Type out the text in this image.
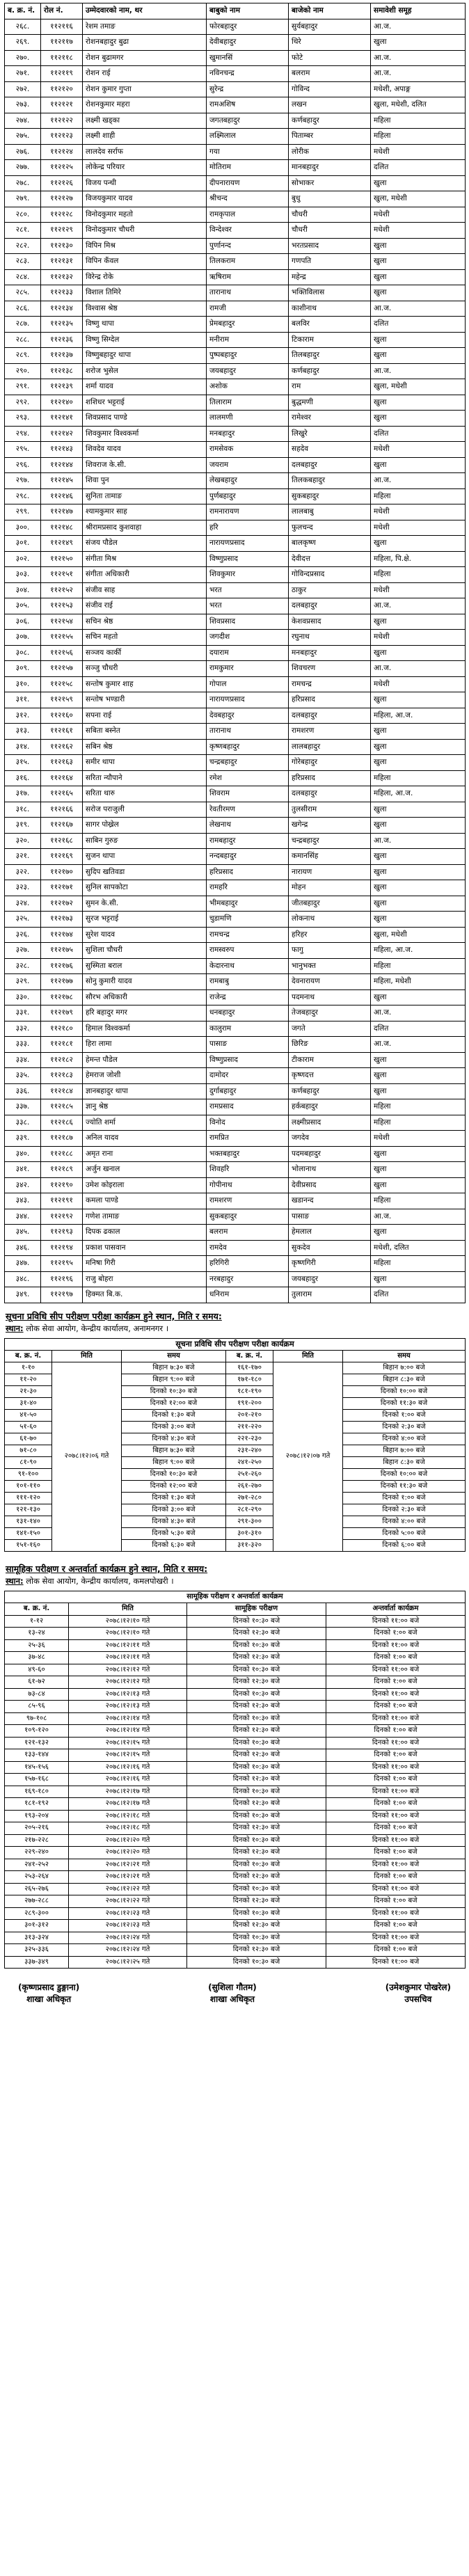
ब. क्र. नं.	रोल नं.	उम्मेदवारको नाम, थर	बाबुको नाम	बाजेको नाम	समावेशी समूह
२६८.	११२११६	रेशम तमाङ	फोरबहादुर	सुर्यबहादुर	आ.ज.
२६९.	११२११७	रोशनबहादुर बुढा	देवीबहादुर	थिरे	खुला
२७०.	११२११८	रोशन बुढामगर	खुमानसिं	फोटे	आ.ज.
२७१.	११२११९	रोशन राई	नविनचन्द्र	बलराम	आ.ज.
२७२.	११२१२०	रोशन कुमार गुप्ता	सुरेन्द्र	गोविन्द	मधेशी, अपाङ्ग
२७३.	११२१२१	रोशनकुमार महरा	रामअशिष	लखन	खुला, मधेशी, दलित
२७४.	११२१२२	लक्ष्मी खड्का	जगतबहादुर	कर्णबहादुर	महिला
२७५.	११२१२३	लक्ष्मी शाही	लक्ष्मिलाल	पिताम्बर	महिला
२७६.	११२१२४	लालदेव सर्राफ	गया	लोरीक	मधेशी
२७७.	११२१२५	लोकेन्द्र परियार	मोतिराम	मानबहादुर	दलित
२७८.	११२१२६	विजय पन्थी	दीपनारायण	सोभाकर	खुला
२७९.	११२१२७	विजयकुमार यादव	श्रीचन्द	बुधु	खुला, मधेशी
२८०.	११२१२८	विनोदकुमार महतो	रामकृपाल	चौधरी	मधेशी
२८१.	११२१२९	विनोदकुमार चौधरी	विन्देश्वर	चौधरी	मधेशी
२८२.	११२१३०	विपिन मिश्र	पुर्णानन्द	भरतप्रसाद	खुला
२८३.	११२१३१	विपिन कँवल	तिलकराम	गणपति	खुला
२८४.	११२१३२	विरेन्द्र रोके	ऋषिराम	महेन्द्र	खुला
२८५.	११२१३३	विशाल तिमिरे	तारानाथ	भक्तिविलास	खुला
२८६.	११२१३४	विश्वास श्रेष्ठ	रामजी	काशीनाथ	आ.ज.
२८७.	११२१३५	विष्णु थापा	प्रेमबहादुर	बलविर	दलित
२८८.	११२१३६	विष्णु सिग्देल	मनीराम	टिकाराम	खुला
२८९.	११२१३७	विष्णुबहादुर थापा	पुष्पबहादुर	तिलबहादुर	खुला
२९०.	११२१३८	शरोज भुसेल	जयबहादुर	कर्णबहादुर	आ.ज.
२९१.	११२१३९	शर्मा यादव	अशोक	राम	खुला, मधेशी
२९२.	११२१४०	शशिधर भट्टराई	तिलाराम	बुद्धमणी	खुला
२९३.	११२१४१	शिवप्रसाद पाण्डे	लालमणी	रामेश्वर	खुला
२९४.	११२१४२	शिवकुमार विश्वकर्मा	मनबहादुर	लिखुरे	दलित
२९५.	११२१४३	शिवदेव यादव	रामसेवक	सहदेव	मधेशी
२९६.	११२१४४	शिवराज के.सी.	जयराम	दलबहादुर	खुला
२९७.	११२१४५	शिवा पुन	लेखबहादुर	तिलकबहादुर	आ.ज.
२९८.	११२१४६	सुनिता तामाङ	पुर्णबहादुर	सुकबहादुर	महिला
२९९.	११२१४७	श्यामकुमार साह	रामनारायण	लालबाबु	मधेशी
३००.	११२१४८	श्रीरामप्रसाद कुशवाहा	हरि	फुलचन्द	मधेशी
३०१.	११२१४९	संजय पौडेल	नारायणप्रसाद	बालकृष्ण	खुला
३०२.	११२१५०	संगीता मिश्र	विष्णुप्रसाद	देवीदत्त	महिला, पि.क्षे.
३०३.	११२१५१	संगीता अधिकारी	शिवकुमार	गोविन्दप्रसाद	महिला
३०४.	११२१५२	संजीव साह	भरत	ठाकुर	मधेशी
३०५.	११२१५३	संजीव राई	भरत	दलबहादुर	आ.ज.
३०६.	११२१५४	सचिन श्रेष्ठ	शिवप्रसाद	केशवप्रसाद	खुला
३०७.	११२१५५	सचिन महतो	जगदीश	रघुनाथ	मधेशी
३०८.	११२१५६	सञ्जय कार्की	दयाराम	मनबहादुर	खुला
३०९.	११२१५७	सञ्जु चौधरी	रामकुमार	शिवचरण	आ.ज.
३१०.	११२१५८	सन्तोष कुमार शाह	गोपाल	रामचन्द्र	मधेशी
३११.	११२१५९	सन्तोष भण्डारी	नारायणप्रसाद	हरिप्रसाद	खुला
३१२.	११२१६०	सपना राई	देवबहादुर	दलबहादुर	महिला, आ.ज.
३१३.	११२१६१	सबिता बस्नेत	तारानाथ	रामशरण	खुला
३१४.	११२१६२	सबिन श्रेष्ठ	कृष्णबहादुर	लालबहादुर	खुला
३१५.	११२१६३	समीर थापा	चन्द्रबहादुर	गोरेबहादुर	खुला
३१६.	११२१६४	सरिता न्यौपाने	रमेश	हरिप्रसाद	महिला
३१७.	११२१६५	सरिता थारु	शिवराम	दलबहादुर	महिला, आ.ज.
३१८.	११२१६६	सरोज पराजुली	रेवतीरमण	तुलसीराम	खुला
३१९.	११२१६७	सागर पोख्रेल	लेखनाथ	खगेन्द्र	खुला
३२०.	११२१६८	साबिन गुरुङ	रामबहादुर	चन्द्रबहादुर	आ.ज.
३२१.	११२१६९	सुजन थापा	नन्दबहादुर	कमानसिंह	खुला
३२२.	११२१७०	सुदिप खतिवडा	हरिप्रसाद	नारायण	खुला
३२३.	११२१७१	सुनिल सापकोटा	रामहरि	मोहन	खुला
३२४.	११२१७२	सुमन के.सी.	भीमबहादुर	जीतबहादुर	खुला
३२५.	११२१७३	सुरज भट्टराई	चुडामणि	लोकनाथ	खुला
३२६.	११२१७४	सुरेश यादव	रामचन्द्र	हरिहर	खुला, मधेशी
३२७.	११२१७५	सुशिला चौधरी	रामस्वरुप	फागु	महिला, आ.ज.
३२८.	११२१७६	सुस्मिता बराल	केदारनाथ	भानुभक्त	महिला
३२९.	११२१७७	सोनु कुमारी यादव	रामबाबु	देवनारायण	महिला, मधेशी
३३०.	११२१७८	सौरभ अधिकारी	राजेन्द्र	पदमनाथ	खुला
३३१.	११२१७९	हरि बहादुर मगर	धनबहादुर	तेजबहादुर	आ.ज.
३३२.	११२१८०	हिमाल विश्वकर्मा	कालुराम	जगते	दलित
३३३.	११२१८१	हिरा लामा	पासाङ	छिरिङ	आ.ज.
३३४.	११२१८२	हेमन्त पौडेल	विष्णुप्रसाद	टीकाराम	खुला
३३५.	११२१८३	हेमराज जोशी	दामोदर	कृष्णदत्त	खुला
३३६.	११२१८४	ज्ञानबहादुर थापा	दुर्गाबहादुर	कर्णबहादुर	खुला
३३७.	११२१८५	ज्ञानु श्रेष्ठ	रामप्रसाद	हर्कबहादुर	महिला
३३८.	११२१८६	ज्योति शर्मा	विनोद	लक्ष्मीप्रसाद	महिला
३३९.	११२१८७	अनिल यादव	रामप्रित	जगदेव	मधेशी
३४०.	११२१८८	अमृत राना	भक्तबहादुर	पदमबहादुर	खुला
३४१.	११२१८९	अर्जुन खनाल	शिवहरि	भोलानाथ	खुला
३४२.	११२१९०	उमेश कोइराला	गोपीनाथ	देवीप्रसाद	खुला
३४३.	११२१९१	कमला पाण्डे	रामशरण	खडानन्द	महिला
३४४.	११२१९२	गणेश तामाङ	सुकबहादुर	पासाङ	आ.ज.
३४५.	११२१९३	दिपक ढकाल	बलराम	हेमलाल	खुला
३४६.	११२१९४	प्रकाश पासवान	रामदेव	सुकदेव	मधेशी, दलित
३४७.	११२१९५	मनिषा गिरी	हरिगिरी	कृष्णगिरी	महिला
३४८.	११२१९६	राजु बोहरा	नरबहादुर	जयबहादुर	खुला
३४९.	११२१९७	हिक्मत बि.क.	धनिराम	तुलाराम	दलित
सूचना प्रविधि सीप परीक्षण परीक्षा कार्यक्रम हुने स्थान, मिति र समय:
स्थान: लोक सेवा आयोग, केन्द्रीय कार्यालय, अनामनगर ।
सूचना प्रविधि सीप परीक्षण परीक्षा कार्यक्रम					
ब. क्र. नं.	मिति	समय	ब. क्र. नं.	मिति	समय
१-१०	२०७८।१२।०६ गते	बिहान ७:३० बजे	१६१-१७०	२०७८।१२।०७ गते	बिहान ७:०० बजे
११-२०		बिहान ९:०० बजे	१७१-१८०		बिहान ८:३० बजे
२१-३०		दिनको १०:३० बजे	१८१-१९०		दिनको १०:०० बजे
३१-४०		दिनको १२:०० बजे	१९१-२००		दिनको ११:३० बजे
४१-५०		दिनको १:३० बजे	२०१-२१०		दिनको १:०० बजे
५१-६०		दिनको ३:०० बजे	२११-२२०		दिनको २:३० बजे
६१-७०		दिनको ४:३० बजे	२२१-२३०		दिनको ४:०० बजे
७१-८०		बिहान ७:३० बजे	२३१-२४०		बिहान ७:०० बजे
८१-९०		बिहान ९:०० बजे	२४१-२५०		बिहान ८:३० बजे
९१-१००		दिनको १०:३० बजे	२५१-२६०		दिनको १०:०० बजे
१०१-११०		दिनको १२:०० बजे	२६१-२७०		दिनको ११:३० बजे
१११-१२०		दिनको १:३० बजे	२७१-२८०		दिनको १:०० बजे
१२१-१३०		दिनको ३:०० बजे	२८१-२९०		दिनको २:३० बजे
१३१-१४०		दिनको ४:३० बजे	२९१-३००		दिनको ४:०० बजे
१४१-१५०		दिनको ५:३० बजे	३०१-३१०		दिनको ५:०० बजे
१५१-१६०		दिनको ६:३० बजे	३११-३२०		दिनको ६:०० बजे
सामूहिक परीक्षण र अन्तर्वार्ता कार्यक्रम हुने स्थान, मिति र समय:
स्थान: लोक सेवा आयोग, केन्द्रीय कार्यालय, कमलपोखरी ।
सामूहिक परीक्षण र अन्तर्वार्ता कार्यक्रम			
ब. क्र. नं.	मिति	सामूहिक परीक्षण	अन्तर्वार्ता कार्यक्रम
१-१२	२०७८।१२।१० गते	दिनको १०:३० बजे	दिनको ११:०० बजे
१३-२४	२०७८।१२।१० गते	दिनको १२:३० बजे	दिनको १:०० बजे
२५-३६	२०७८।१२।११ गते	दिनको १०:३० बजे	दिनको ११:०० बजे
३७-४८	२०७८।१२।११ गते	दिनको १२:३० बजे	दिनको १:०० बजे
४९-६०	२०७८।१२।१२ गते	दिनको १०:३० बजे	दिनको ११:०० बजे
६१-७२	२०७८।१२।१२ गते	दिनको १२:३० बजे	दिनको १:०० बजे
७३-८४	२०७८।१२।१३ गते	दिनको १०:३० बजे	दिनको ११:०० बजे
८५-९६	२०७८।१२।१३ गते	दिनको १२:३० बजे	दिनको १:०० बजे
९७-१०८	२०७८।१२।१४ गते	दिनको १०:३० बजे	दिनको ११:०० बजे
१०९-१२०	२०७८।१२।१४ गते	दिनको १२:३० बजे	दिनको १:०० बजे
१२१-१३२	२०७८।१२।१५ गते	दिनको १०:३० बजे	दिनको ११:०० बजे
१३३-१४४	२०७८।१२।१५ गते	दिनको १२:३० बजे	दिनको १:०० बजे
१४५-१५६	२०७८।१२।१६ गते	दिनको १०:३० बजे	दिनको ११:०० बजे
१५७-१६८	२०७८।१२।१६ गते	दिनको १२:३० बजे	दिनको १:०० बजे
१६९-१८०	२०७८।१२।१७ गते	दिनको १०:३० बजे	दिनको ११:०० बजे
१८१-१९२	२०७८।१२।१७ गते	दिनको १२:३० बजे	दिनको १:०० बजे
१९३-२०४	२०७८।१२।१८ गते	दिनको १०:३० बजे	दिनको ११:०० बजे
२०५-२१६	२०७८।१२।१८ गते	दिनको १२:३० बजे	दिनको १:०० बजे
२१७-२२८	२०७८।१२।२० गते	दिनको १०:३० बजे	दिनको ११:०० बजे
२२९-२४०	२०७८।१२।२० गते	दिनको १२:३० बजे	दिनको १:०० बजे
२४१-२५२	२०७८।१२।२१ गते	दिनको १०:३० बजे	दिनको ११:०० बजे
२५३-२६४	२०७८।१२।२१ गते	दिनको १२:३० बजे	दिनको १:०० बजे
२६५-२७६	२०७८।१२।२२ गते	दिनको १०:३० बजे	दिनको ११:०० बजे
२७७-२८८	२०७८।१२।२२ गते	दिनको १२:३० बजे	दिनको १:०० बजे
२८९-३००	२०७८।१२।२३ गते	दिनको १०:३० बजे	दिनको ११:०० बजे
३०१-३१२	२०७८।१२।२३ गते	दिनको १२:३० बजे	दिनको १:०० बजे
३१३-३२४	२०७८।१२।२४ गते	दिनको १०:३० बजे	दिनको ११:०० बजे
३२५-३३६	२०७८।१२।२४ गते	दिनको १२:३० बजे	दिनको १:०० बजे
३३७-३४९	२०७८।१२।२५ गते	दिनको १०:३० बजे	दिनको ११:०० बजे
(कृष्णप्रसाद डुङ्गाना)
शाखा अधिकृत
(सुशिला गौतम)
शाखा अधिकृत
(उमेशकुमार पोखरेल)
उपसचिव
